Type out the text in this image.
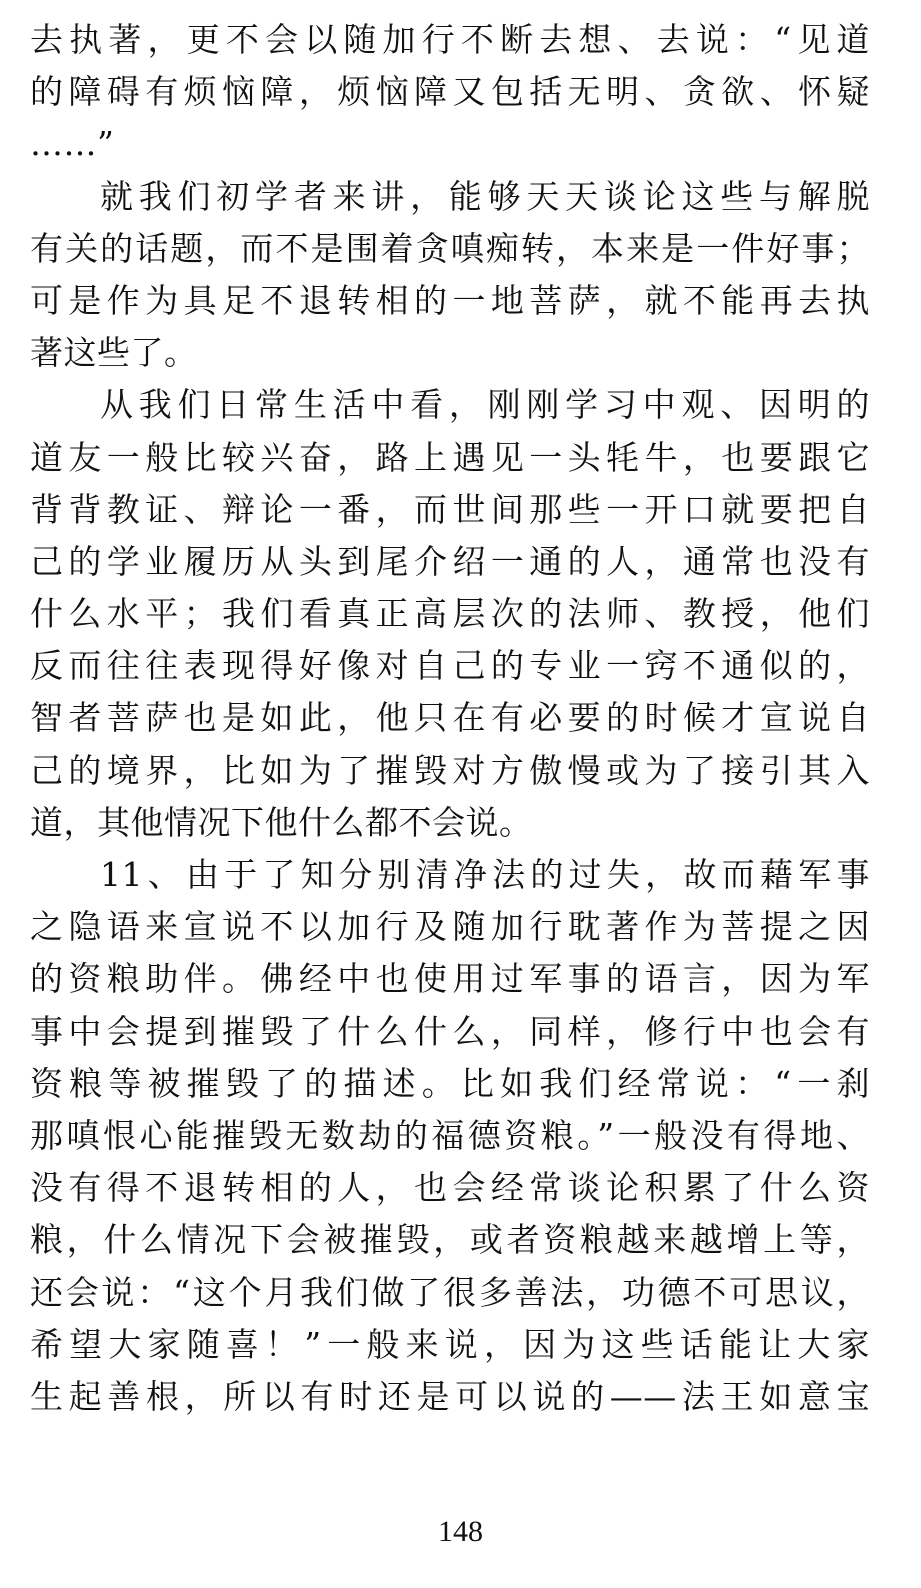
去执著，更不会以随加行不断去想、去说：“见道
的障碍有烦恼障，烦恼障又包括无明、贪欲、怀疑
……”
就我们初学者来讲，能够天天谈论这些与解脱
有关的话题，而不是围着贪嗔痴转，本来是一件好事；
可是作为具足不退转相的一地菩萨，就不能再去执
著这些了。
从我们日常生活中看，刚刚学习中观、因明的
道友一般比较兴奋，路上遇见一头牦牛，也要跟它
背背教证、辩论一番，而世间那些一开口就要把自
己的学业履历从头到尾介绍一通的人，通常也没有
什么水平；我们看真正高层次的法师、教授，他们
反而往往表现得好像对自己的专业一窍不通似的，
智者菩萨也是如此，他只在有必要的时候才宣说自
己的境界，比如为了摧毁对方傲慢或为了接引其入
道，其他情况下他什么都不会说。
11、由于了知分别清净法的过失，故而藉军事
之隐语来宣说不以加行及随加行耽著作为菩提之因
的资粮助伴。佛经中也使用过军事的语言，因为军
事中会提到摧毁了什么什么，同样，修行中也会有
资粮等被摧毁了的描述。比如我们经常说：“一刹
那嗔恨心能摧毁无数劫的福德资粮。”一般没有得地、
没有得不退转相的人，也会经常谈论积累了什么资
粮，什么情况下会被摧毁，或者资粮越来越增上等，
还会说：“这个月我们做了很多善法，功德不可思议，
希望大家随喜！”一般来说，因为这些话能让大家
生起善根，所以有时还是可以说的——法王如意宝
148
